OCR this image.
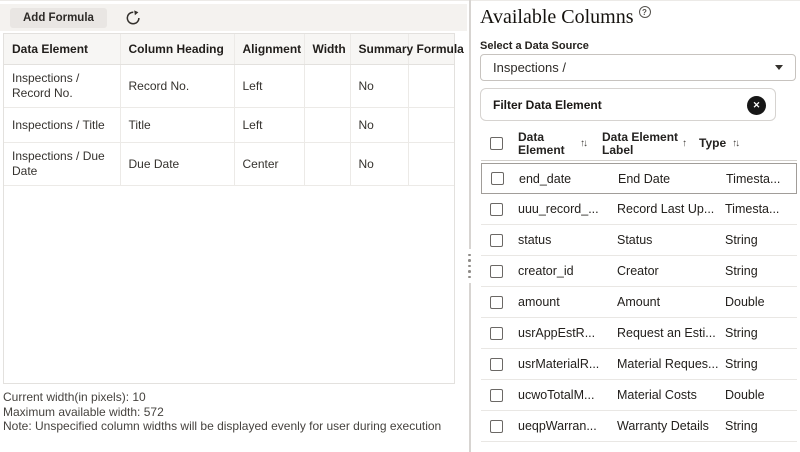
Add Formula
Data Element	Column Heading	Alignment	Width	Summary	Formula
Inspections / Record No.	Record No.	Left		No	
Inspections / Title	Title	Left		No	
Inspections / Due Date	Due Date	Center		No	
Current width(in pixels): 10
Maximum available width: 572
Note: Unspecified column widths will be displayed evenly for user during execution
Available Columns ?
Select a Data Source
Inspections /
Filter Data Element
✕
Data Element	↑↓ Data Element Label	↑ Type ↑↓
end_date	End Date	Timesta...
uuu_record_...	Record Last Up... Timesta...
status	Status	String
creator_id	Creator	String
amount	Amount	Double
usrAppEstR...	Request an Esti... String
usrMaterialR...	Material Reques... String
ucwoTotalM...	Material Costs	Double
ueqpWarran...	Warranty Details	String
